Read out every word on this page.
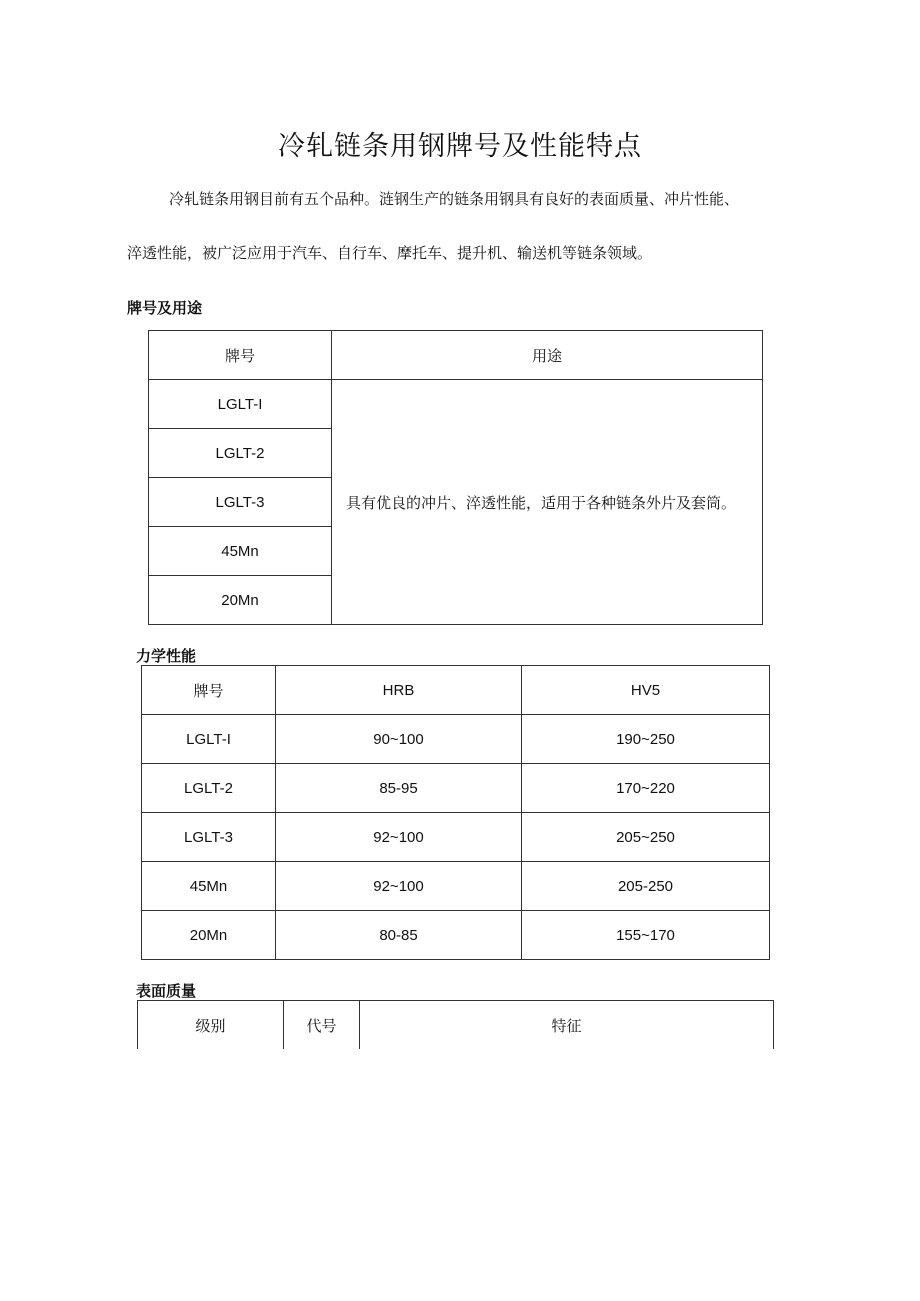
冷轧链条用钢牌号及性能特点
冷轧链条用钢目前有五个品种。涟钢生产的链条用钢具有良好的表面质量、冲片性能、
淬透性能，被广泛应用于汽车、自行车、摩托车、提升机、输送机等链条领域。
牌号及用途
牌号	用途
LGLT-I	具有优良的冲片、淬透性能，适用于各种链条外片及套筒。
LGLT-2	
LGLT-3	
45Mn	
20Mn	
力学性能
牌号	HRB	HV5
LGLT-I	90~100	190~250
LGLT-2	85-95	170~220
LGLT-3	92~100	205~250
45Mn	92~100	205-250
20Mn	80-85	155~170
表面质量
级别	代号	特征
